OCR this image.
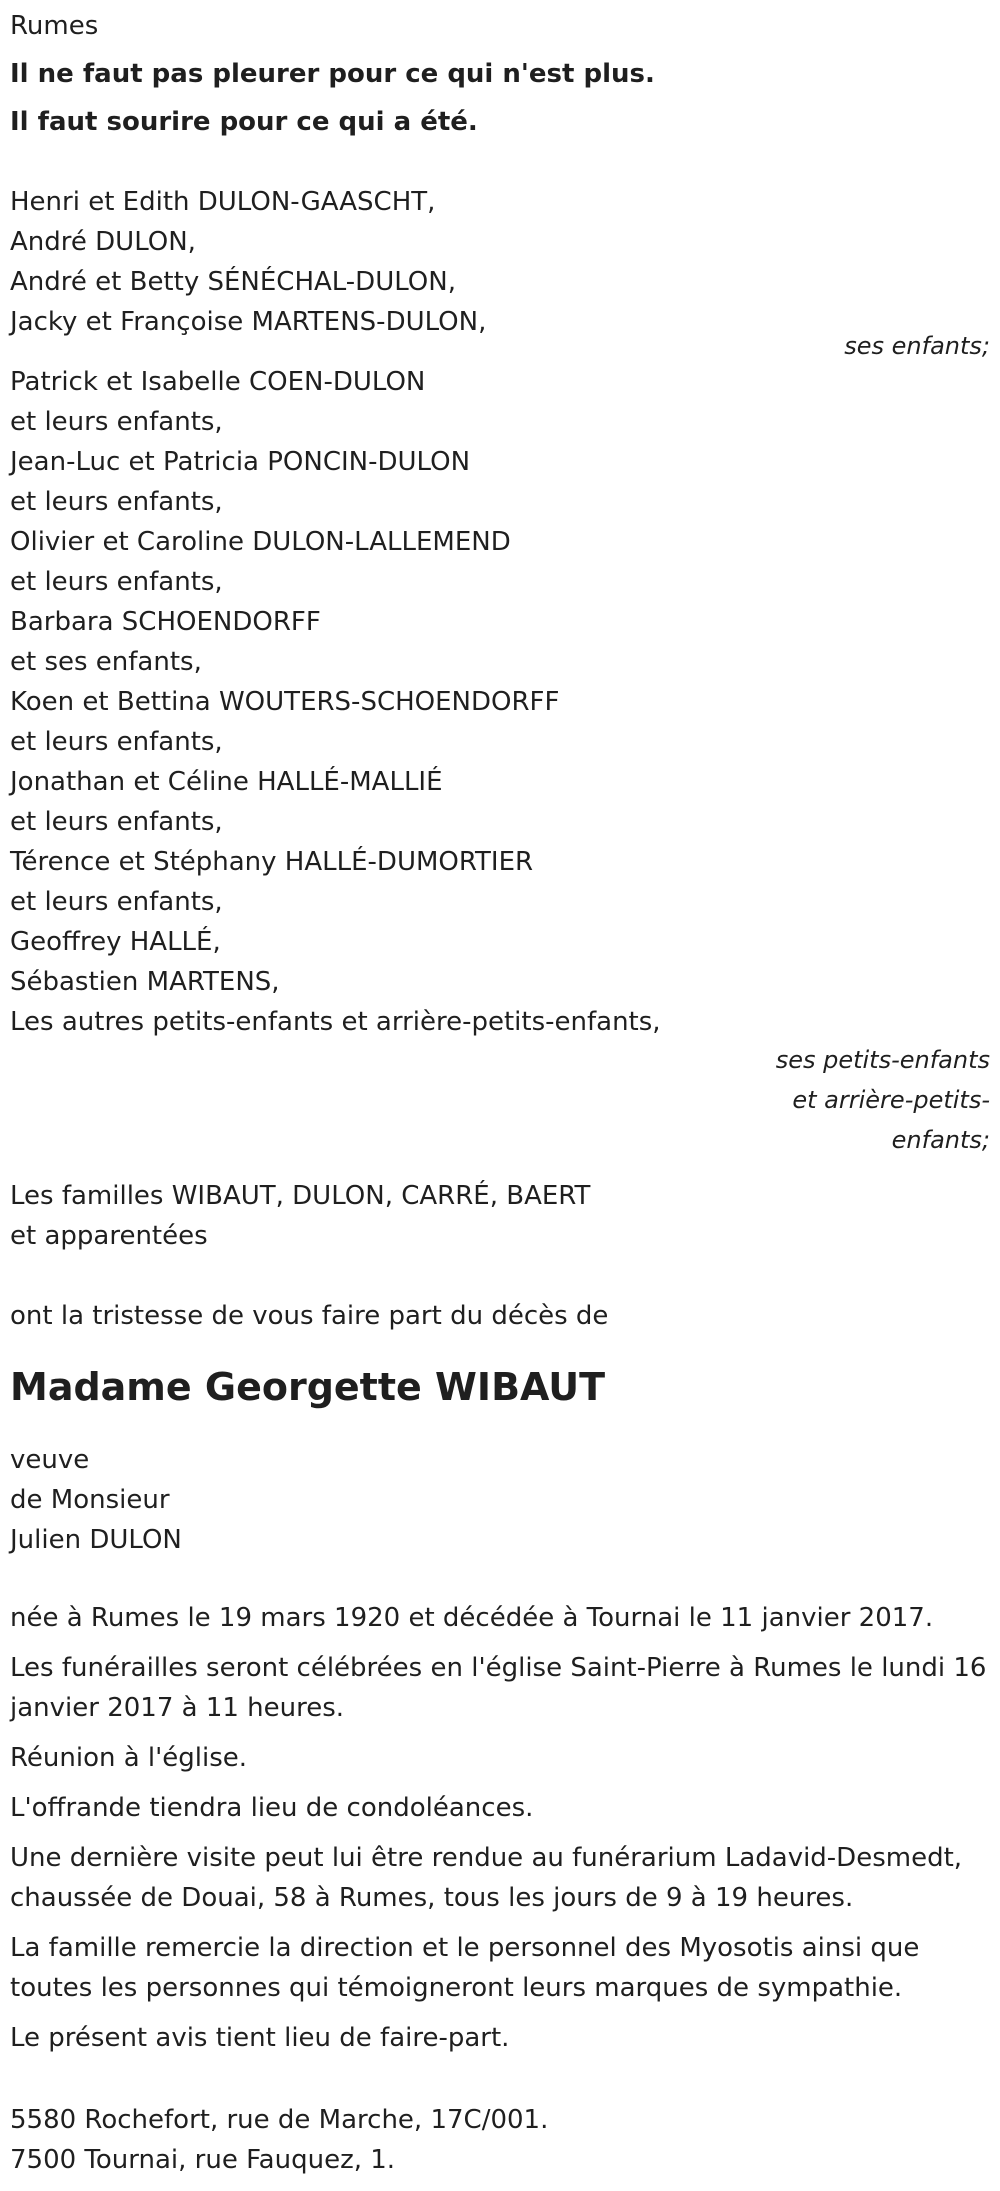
Rumes
Il ne faut pas pleurer pour ce qui n'est plus.
Il faut sourire pour ce qui a été.
Henri et Edith DULON-GAASCHT,
André DULON,
André et Betty SÉNÉCHAL-DULON,
Jacky et Françoise MARTENS-DULON,
ses enfants;
Patrick et Isabelle COEN-DULON
et leurs enfants,
Jean-Luc et Patricia PONCIN-DULON
et leurs enfants,
Olivier et Caroline DULON-LALLEMEND
et leurs enfants,
Barbara SCHOENDORFF
et ses enfants,
Koen et Bettina WOUTERS-SCHOENDORFF
et leurs enfants,
Jonathan et Céline HALLÉ-MALLIÉ
et leurs enfants,
Térence et Stéphany HALLÉ-DUMORTIER
et leurs enfants,
Geoffrey HALLÉ,
Sébastien MARTENS,
Les autres petits-enfants et arrière-petits-enfants,
ses petits-enfants
et arrière-petits-
enfants;
Les familles WIBAUT, DULON, CARRÉ, BAERT
et apparentées
ont la tristesse de vous faire part du décès de
Madame Georgette WIBAUT
veuve
de Monsieur
Julien DULON
née à Rumes le 19 mars 1920 et décédée à Tournai le 11 janvier 2017.
Les funérailles seront célébrées en l'église Saint-Pierre à Rumes le lundi 16 janvier 2017 à 11 heures.
Réunion à l'église.
L'offrande tiendra lieu de condoléances.
Une dernière visite peut lui être rendue au funérarium Ladavid-Desmedt, chaussée de Douai, 58 à Rumes, tous les jours de 9 à 19 heures.
La famille remercie la direction et le personnel des Myosotis ainsi que toutes les personnes qui témoigneront leurs marques de sympathie.
Le présent avis tient lieu de faire-part.
5580 Rochefort, rue de Marche, 17C/001.
7500 Tournai, rue Fauquez, 1.
